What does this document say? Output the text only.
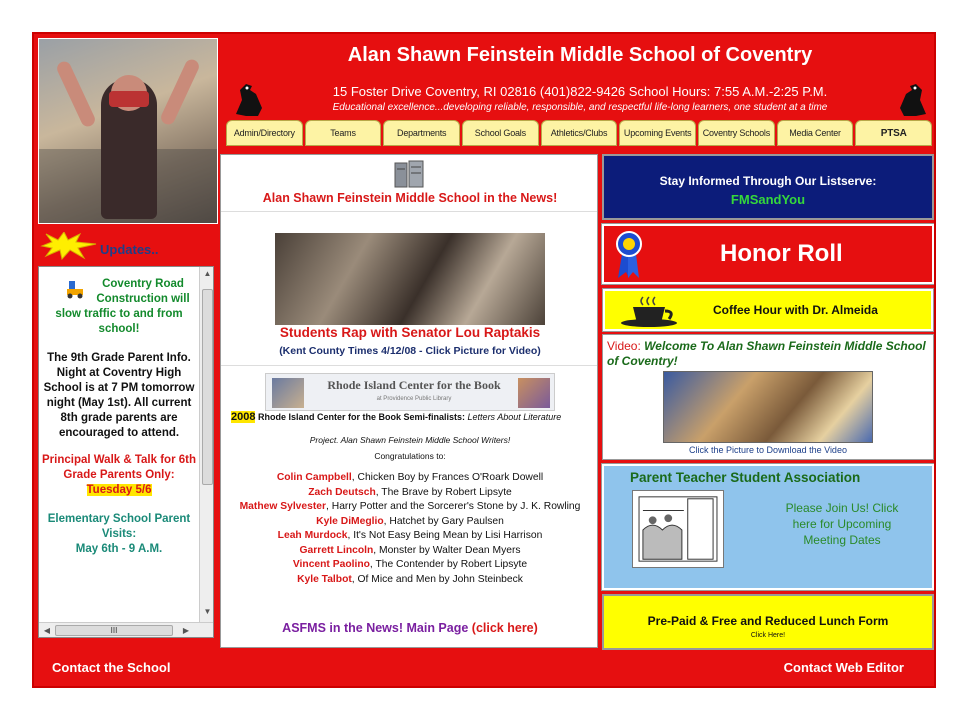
Alan Shawn Feinstein Middle School of Coventry
15 Foster Drive Coventry, RI 02816 (401)822-9426 School Hours: 7:55 A.M.-2:25 P.M.
Educational excellence...developing reliable, responsible, and respectful life-long learners, one student at a time
Admin/Directory	Teams	Departments	School Goals	Athletics/Clubs	Upcoming Events	Coventry Schools	Media Center	PTSA
Updates..

Coventry Road Construction will slow traffic to and from school!

The 9th Grade Parent Info. Night at Coventry High School is at 7 PM tomorrow night (May 1st). All current 8th grade parents are encouraged to attend.

Principal Walk & Talk for 6th Grade Parents Only:

Tuesday 5/6

Elementary School Parent Visits:

May 6th - 9 A.M.

▲
▼
◀	III	▶
Alan Shawn Feinstein Middle School in the News!
Students Rap with Senator Lou Raptakis
(Kent County Times 4/12/08 - Click Picture for Video)
Rhode Island Center for the Book
at Providence Public Library
2008 Rhode Island Center for the Book Semi-finalists: Letters About Literature
Project. Alan Shawn Feinstein Middle School Writers!
Congratulations to:
Colin Campbell, Chicken Boy by Frances O'Roark Dowell
Zach Deutsch, The Brave by Robert Lipsyte
Mathew Sylvester, Harry Potter and the Sorcerer's Stone by J. K. Rowling
Kyle DiMeglio, Hatchet by Gary Paulsen
Leah Murdock, It's Not Easy Being Mean by Lisi Harrison
Garrett Lincoln, Monster by Walter Dean Myers
Vincent Paolino, The Contender by Robert Lipsyte
Kyle Talbot, Of Mice and Men by John Steinbeck
ASFMS in the News! Main Page (click here)
Stay Informed Through Our Listserve:
FMSandYou
Honor Roll
Coffee Hour with Dr. Almeida
Video: Welcome To Alan Shawn Feinstein Middle School of Coventry!
Click the Picture to Download the Video
Parent Teacher Student Association
Please Join Us! Click here for Upcoming Meeting Dates
Pre-Paid & Free and Reduced Lunch Form
Click Here!
Contact the School	Contact Web Editor
